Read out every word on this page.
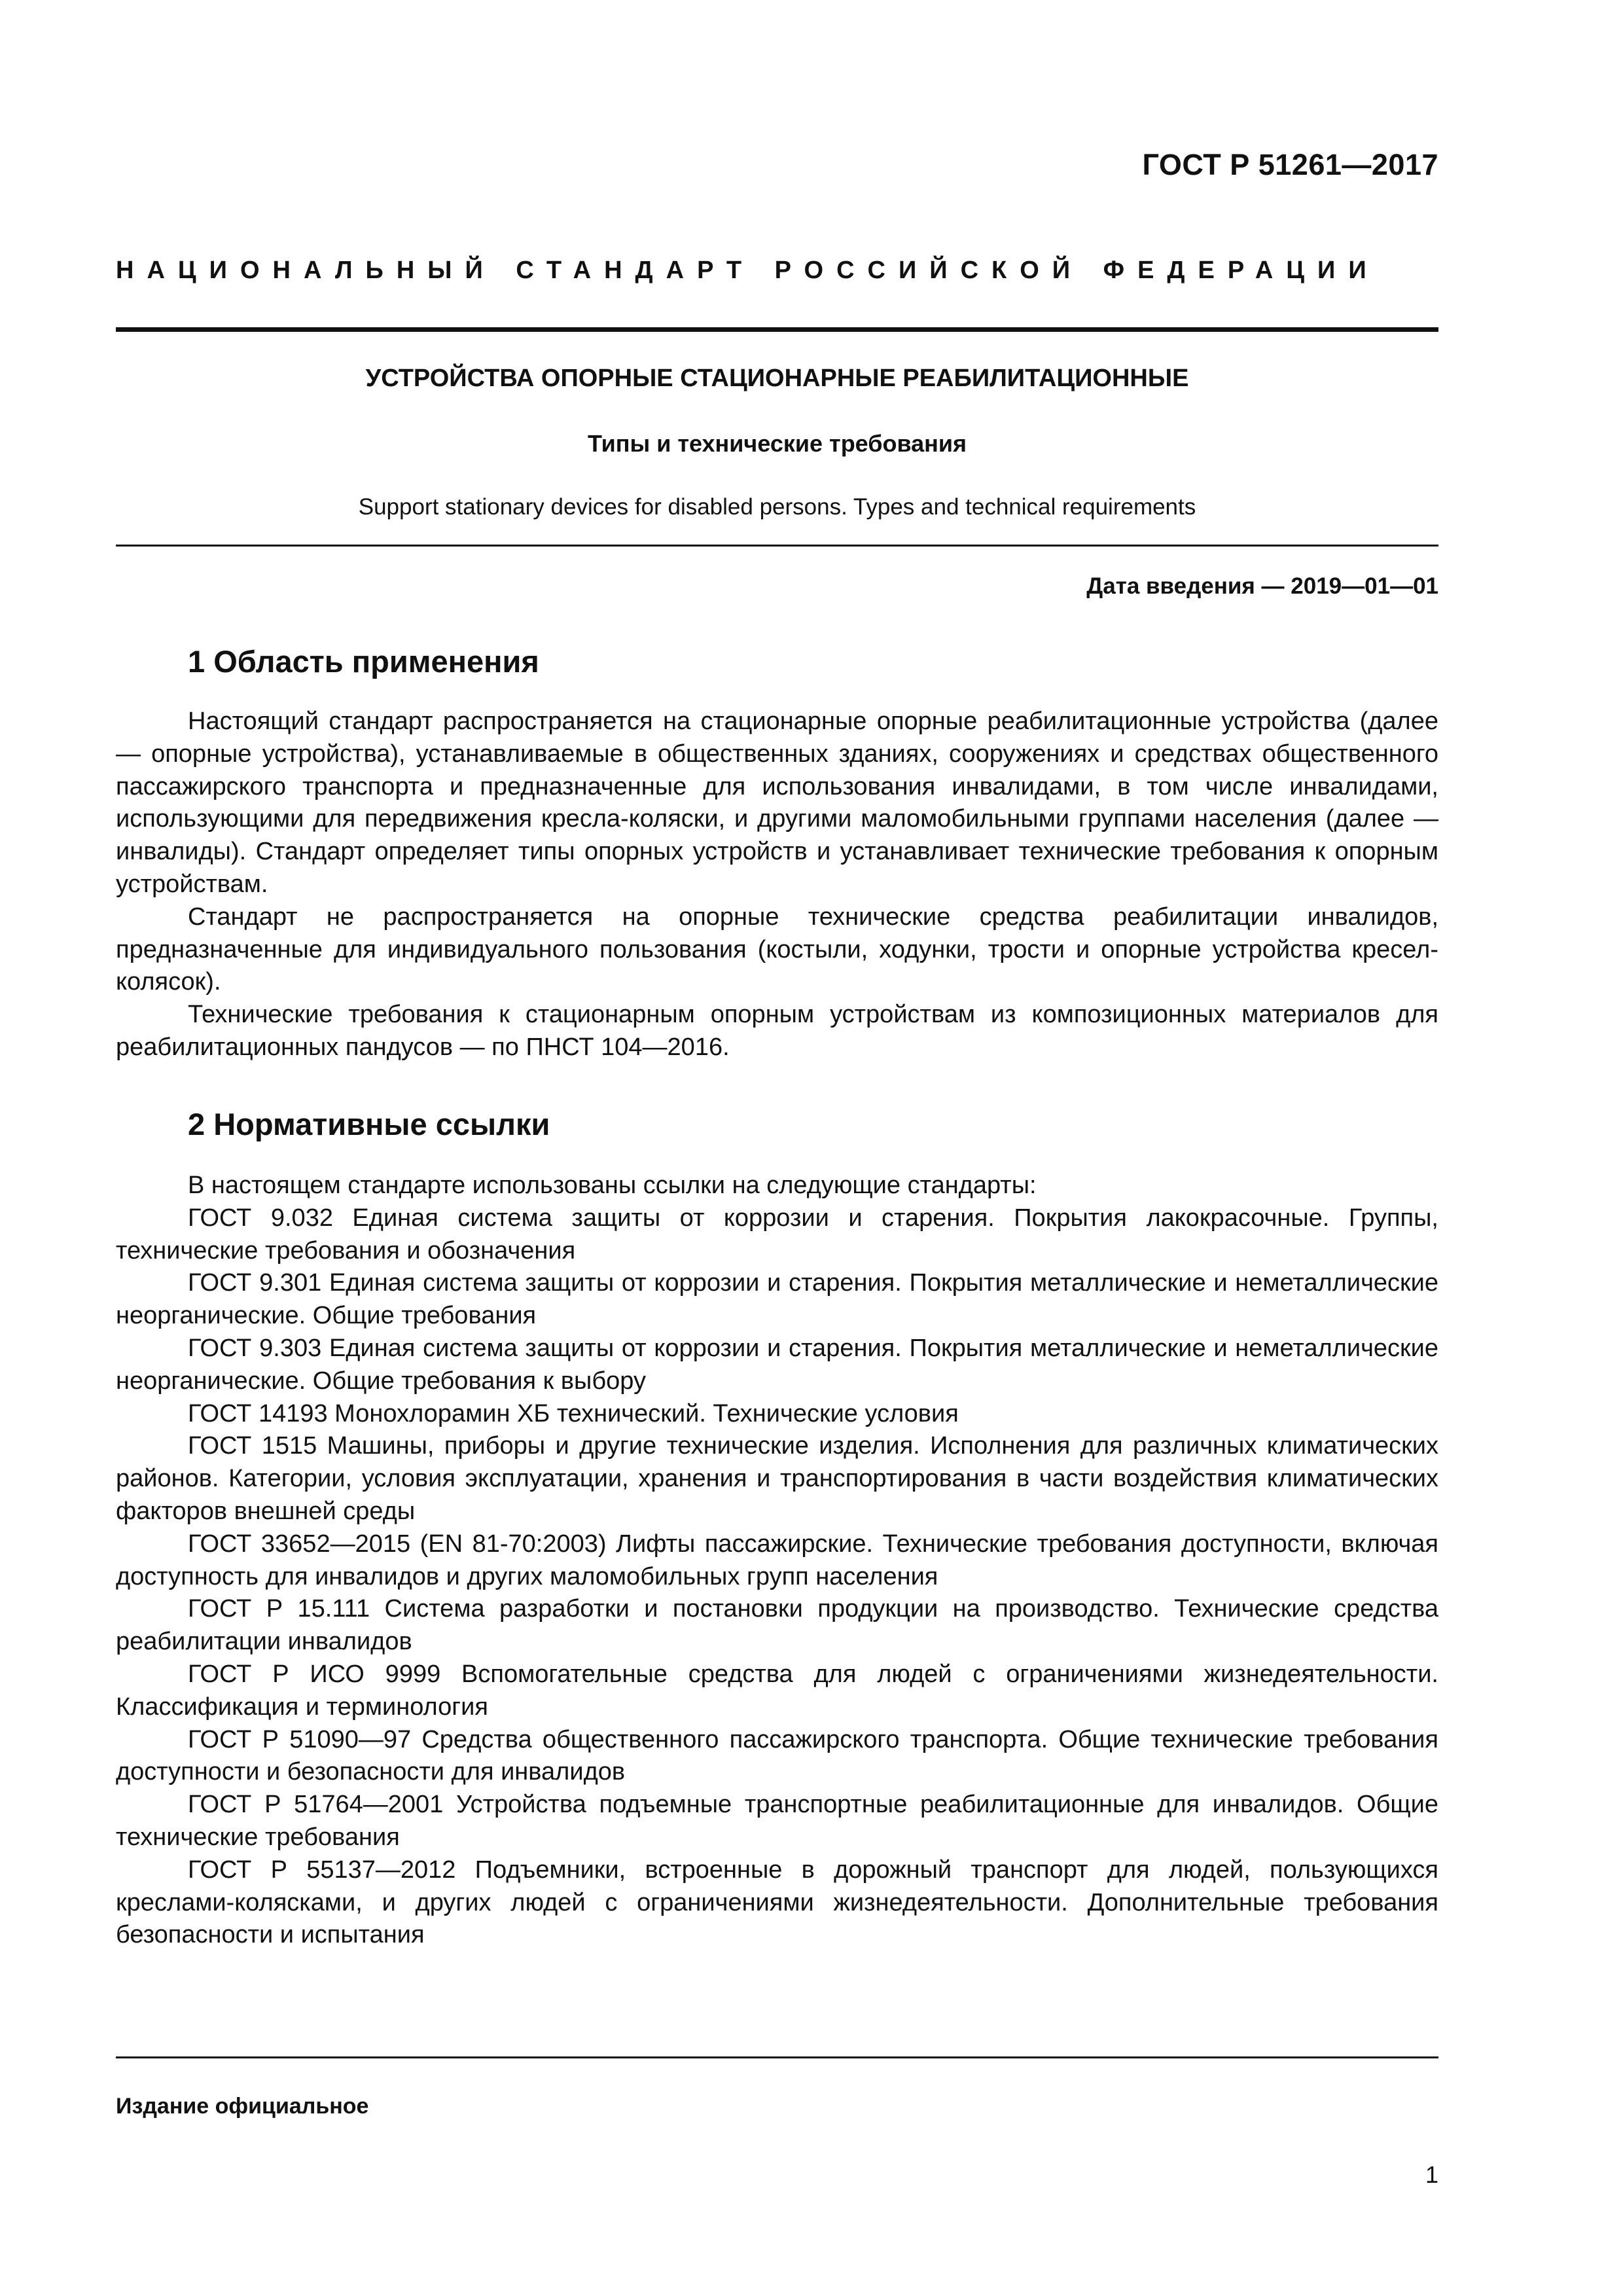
ГОСТ Р 51261—2017
НАЦИОНАЛЬНЫЙ СТАНДАРТ РОССИЙСКОЙ ФЕДЕРАЦИИ
УСТРОЙСТВА ОПОРНЫЕ СТАЦИОНАРНЫЕ РЕАБИЛИТАЦИОННЫЕ
Типы и технические требования
Support stationary devices for disabled persons. Types and technical requirements
Дата введения — 2019—01—01
1 Область применения

Настоящий стандарт распространяется на стационарные опорные реабилитационные устройства (далее — опорные устройства), устанавливаемые в общественных зданиях, сооружениях и средствах общественного пассажирского транспорта и предназначенные для использования инвалидами, в том числе инвалидами, использующими для передвижения кресла-коляски, и другими маломобильными группами населения (далее — инвалиды). Стандарт определяет типы опорных устройств и устанавливает технические требования к опорным устройствам.

Стандарт не распространяется на опорные технические средства реабилитации инвалидов, предназначенные для индивидуального пользования (костыли, ходунки, трости и опорные устройства кресел-колясок).

Технические требования к стационарным опорным устройствам из композиционных материалов для реабилитационных пандусов — по ПНСТ 104—2016.

2 Нормативные ссылки

В настоящем стандарте использованы ссылки на следующие стандарты:

ГОСТ 9.032 Единая система защиты от коррозии и старения. Покрытия лакокрасочные. Группы, технические требования и обозначения

ГОСТ 9.301 Единая система защиты от коррозии и старения. Покрытия металлические и неметаллические неорганические. Общие требования

ГОСТ 9.303 Единая система защиты от коррозии и старения. Покрытия металлические и неметаллические неорганические. Общие требования к выбору

ГОСТ 14193 Монохлорамин ХБ технический. Технические условия

ГОСТ 1515 Машины, приборы и другие технические изделия. Исполнения для различных климатических районов. Категории, условия эксплуатации, хранения и транспортирования в части воздействия климатических факторов внешней среды

ГОСТ 33652—2015 (EN 81-70:2003) Лифты пассажирские. Технические требования доступности, включая доступность для инвалидов и других маломобильных групп населения

ГОСТ Р 15.111 Система разработки и постановки продукции на производство. Технические средства реабилитации инвалидов

ГОСТ Р ИСО 9999 Вспомогательные средства для людей с ограничениями жизнедеятельности. Классификация и терминология

ГОСТ Р 51090—97 Средства общественного пассажирского транспорта. Общие технические требования доступности и безопасности для инвалидов

ГОСТ Р 51764—2001 Устройства подъемные транспортные реабилитационные для инвалидов. Общие технические требования

ГОСТ Р 55137—2012 Подъемники, встроенные в дорожный транспорт для людей, пользующихся креслами-колясками, и других людей с ограничениями жизнедеятельности. Дополнительные требования безопасности и испытания

Издание официальное
1
